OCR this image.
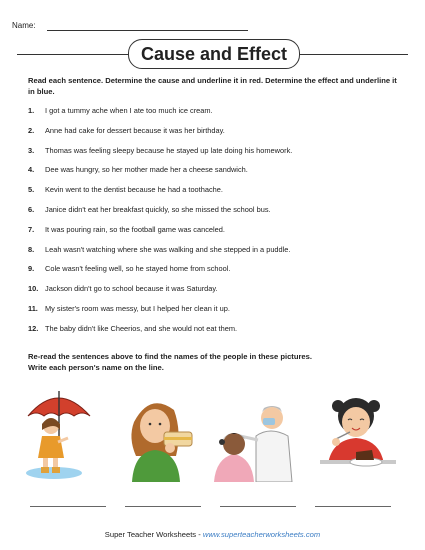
Name:
Cause and Effect
Read each sentence. Determine the cause and underline it in red. Determine the effect and underline it in blue.
1.	I got a tummy ache when I ate too much ice cream.
2.	Anne had cake for dessert because it was her birthday.
3.	Thomas was feeling sleepy because he stayed up late doing his homework.
4.	Dee was hungry, so her mother made her a cheese sandwich.
5.	Kevin went to the dentist because he had a toothache.
6.	Janice didn't eat her breakfast quickly, so she missed the school bus.
7.	It was pouring rain, so the football game was canceled.
8.	Leah wasn't watching where she was walking and she stepped in a puddle.
9.	Cole wasn't feeling well, so he stayed home from school.
10. Jackson didn't go to school because it was Saturday.
11. My sister's room was messy, but I helped her clean it up.
12. The baby didn't like Cheerios, and she would not eat them.
Re-read the sentences above to find the names of the people in these pictures.
Write each person's name on the line.
Super Teacher Worksheets - www.superteacherworksheets.com
